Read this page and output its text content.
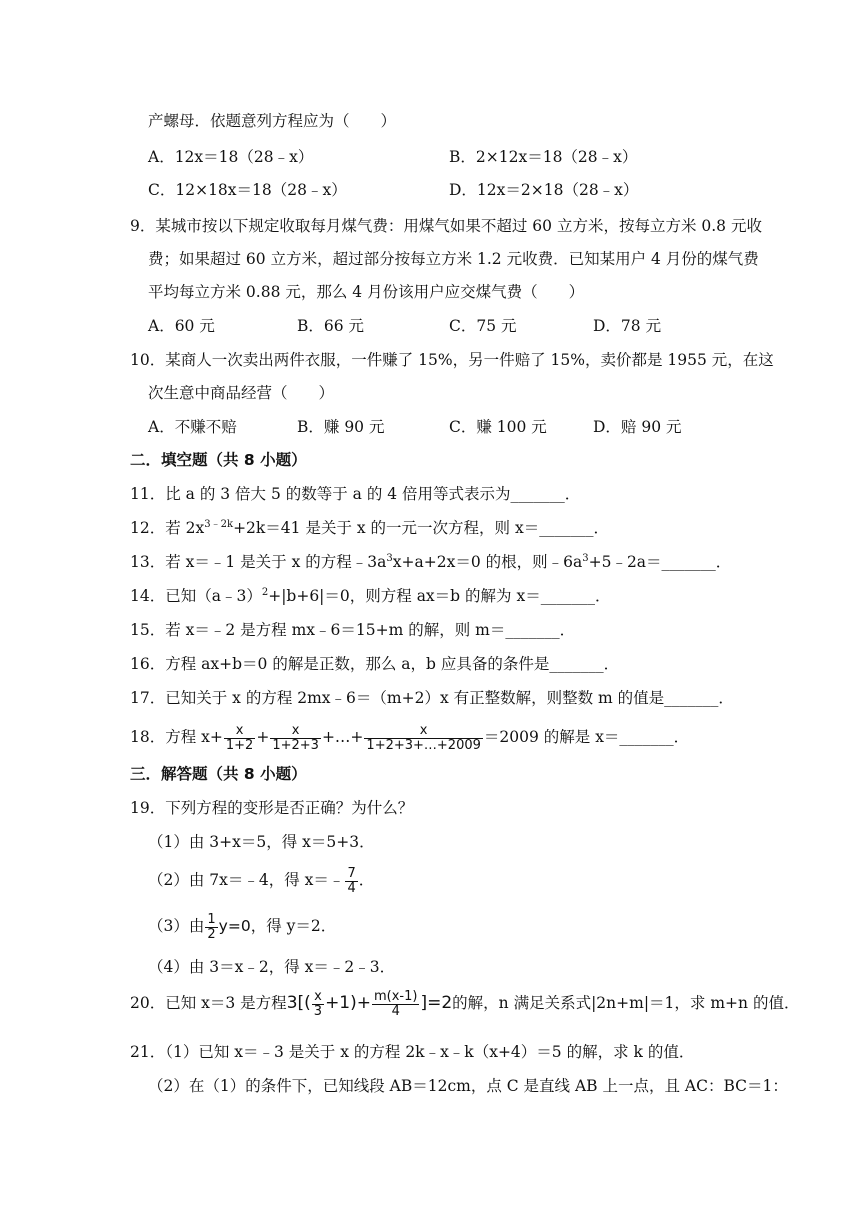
产螺母．依题意列方程应为（　　）
A．12x＝18（28﹣x）	B．2×12x＝18（28﹣x）
C．12×18x＝18（28﹣x）	D．12x＝2×18（28﹣x）
9．某城市按以下规定收取每月煤气费：用煤气如果不超过 60 立方米，按每立方米 0.8 元收
费；如果超过 60 立方米，超过部分按每立方米 1.2 元收费．已知某用户 4 月份的煤气费
平均每立方米 0.88 元，那么 4 月份该用户应交煤气费（　　）
A．60 元	B．66 元	C．75 元	D．78 元
10．某商人一次卖出两件衣服，一件赚了 15%，另一件赔了 15%，卖价都是 1955 元，在这
次生意中商品经营（　　）
A．不赚不赔	B．赚 90 元	C．赚 100 元	D．赔 90 元
二．填空题（共 8 小题）
11．比 a 的 3 倍大 5 的数等于 a 的 4 倍用等式表示为_______．
12．若 $2x^{3﹣2k}+2k=41$ 是关于 x 的一元一次方程，则 x＝_______．
13．若 x＝﹣1 是关于 x 的方程$﹣3a^3x+a+2x=0$ 的根，则$﹣6a^3+5﹣2a=\_\_\_\_\_\_\_$．
14．已知（a﹣3）$^2$+|b+6|＝0，则方程 ax＝b 的解为 x＝_______．
15．若 x＝﹣2 是方程 mx﹣6＝15+m 的解，则 m＝_______．
16．方程 ax+b＝0 的解是正数，那么 a，b 应具备的条件是_______．
17．已知关于 x 的方程 2mx﹣6＝（m+2）x 有正整数解，则整数 m 的值是_______．
18．方程 $x+ \frac{x}{1+2} + \frac{x}{1+2+3}$ +…+ $\frac{x}{1+2+3+\dots+2009} =2009$ 的解是 x＝_______．
三．解答题（共 8 小题）
19．下列方程的变形是否正确？为什么？
（1）由 3+x＝5，得 x＝5+3．
（2）由 7x＝﹣4，得 x＝﹣ $\frac{7}{4}$ ．
（3）由 $\frac{1}{2} y=0$，得 y＝2．
（4）由 3＝x﹣2，得 x＝﹣2﹣3．
20．已知 x＝3 是方程$3[( \frac{x}{3} +1)+ \frac{m(x-1)}{4} ]=2$的解，n 满足关系式|2n+m|＝1，求 m+n 的值．
21．（1）已知 x＝﹣3 是关于 x 的方程 2k﹣x﹣k（x+4）＝5 的解，求 k 的值．
（2）在（1）的条件下，已知线段 AB＝12cm，点 C 是直线 AB 上一点，且 AC：BC＝1：
